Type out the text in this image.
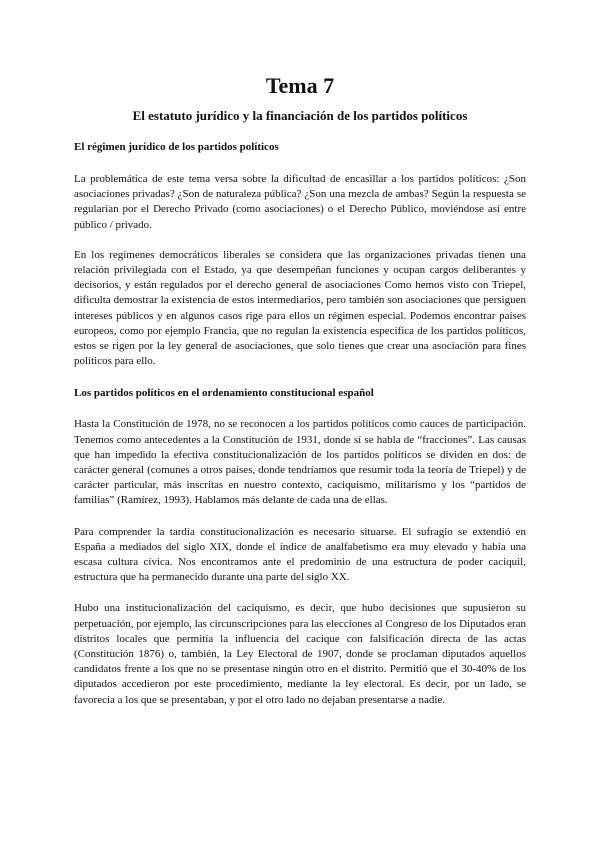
Tema 7
El estatuto jurídico y la financiación de los partidos políticos
El régimen jurídico de los partidos políticos

La problemática de este tema versa sobre la dificultad de encasillar a los partidos políticos: ¿Son asociaciones privadas? ¿Son de naturaleza pública? ¿Son una mezcla de ambas? Según la respuesta se regularían por el Derecho Privado (como asociaciones) o el Derecho Público, moviéndose así entre público / privado.

En los regímenes democráticos liberales se considera que las organizaciones privadas tienen una relación privilegiada con el Estado, ya que desempeñan funciones y ocupan cargos deliberantes y decisorios, y están regulados por el derecho general de asociaciones Como hemos visto con Triepel, dificulta demostrar la existencia de estos intermediarios, pero también son asociaciones que persiguen intereses públicos y en algunos casos rige para ellos un régimen especial. Podemos encontrar países europeos, como por ejemplo Francia, que no regulan la existencia específica de los partidos políticos, estos se rigen por la ley general de asociaciones, que solo tienes que crear una asociación para fines políticos para ello.

Los partidos políticos en el ordenamiento constitucional español

Hasta la Constitución de 1978, no se reconocen a los partidos políticos como cauces de participación. Tenemos como antecedentes a la Constitución de 1931, donde sí se habla de “fracciones”. Las causas que han impedido la efectiva constitucionalización de los partidos políticos se dividen en dos: de carácter general (comunes a otros países, donde tendríamos que resumir toda la teoría de Triepel) y de carácter particular, más inscritas en nuestro contexto, caciquismo, militarismo y los “partidos de familias” (Ramírez, 1993). Hablamos más delante de cada una de ellas.

Para comprender la tardía constitucionalización es necesario situarse. El sufragio se extendió en España a mediados del siglo XIX, donde el índice de analfabetismo era muy elevado y había una escasa cultura cívica. Nos encontramos ante el predominio de una estructura de poder caciquil, estructura que ha permanecido durante una parte del siglo XX.

Hubo una institucionalización del caciquismo, es decir, que hubo decisiones que supusieron su perpetuación, por ejemplo, las circunscripciones para las elecciones al Congreso de los Diputados eran distritos locales que permitía la influencia del cacique con falsificación directa de las actas (Constitución 1876) o, también, la Ley Electoral de 1907, donde se proclaman diputados aquellos candidatos frente a los que no se presentase ningún otro en el distrito. Permitió que el 30-40% de los diputados accedieron por este procedimiento, mediante la ley electoral. Es decir, por un lado, se favorecía a los que se presentaban, y por el otro lado no dejaban presentarse a nadie.
